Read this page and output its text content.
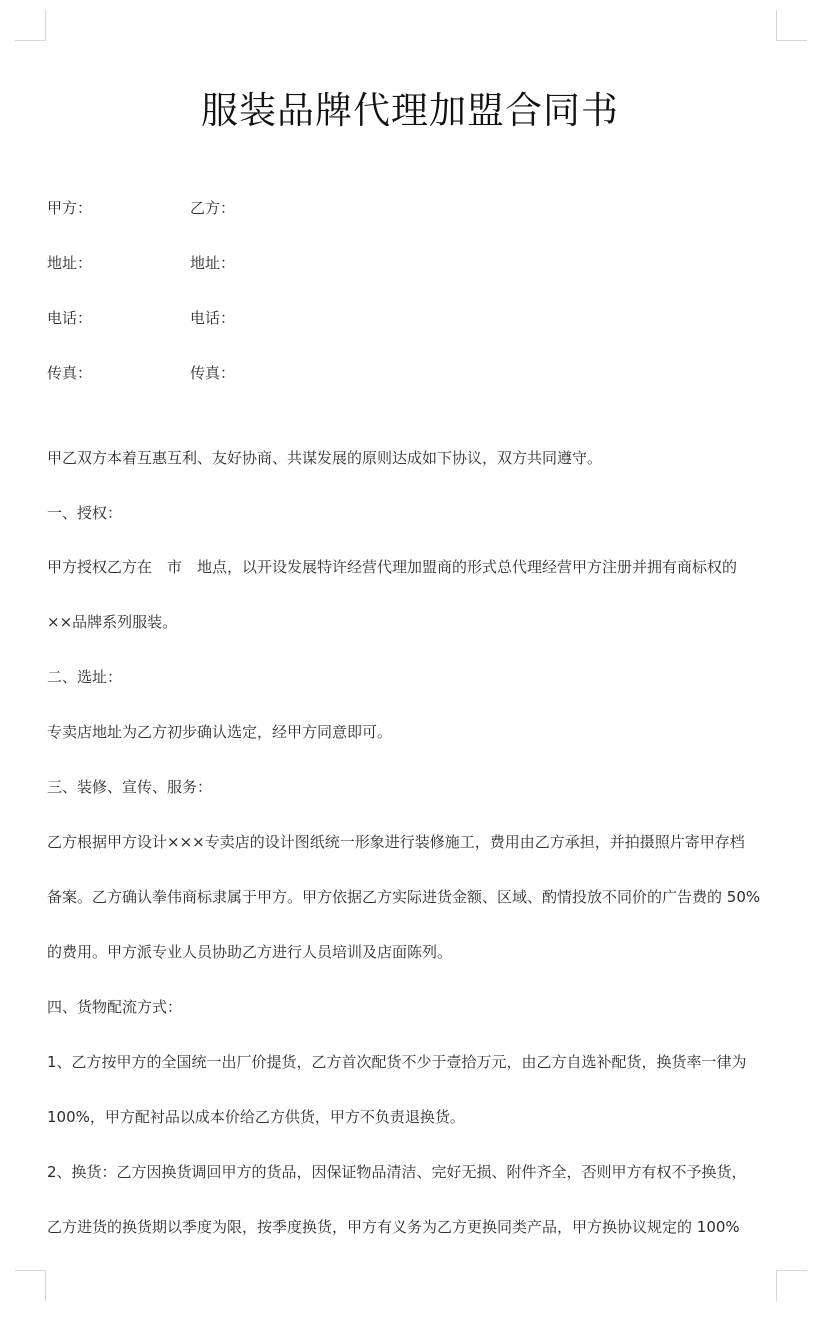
服装品牌代理加盟合同书
甲方：	乙方：
地址：	地址：
电话：	电话：
传真：	传真：

甲乙双方本着互惠互利、友好协商、共谋发展的原则达成如下协议，双方共同遵守。

一、授权：

甲方授权乙方在　市　地点，以开设发展特许经营代理加盟商的形式总代理经营甲方注册并拥有商标权的

××品牌系列服装。

二、选址：

专卖店地址为乙方初步确认选定，经甲方同意即可。

三、装修、宣传、服务：

乙方根据甲方设计×××专卖店的设计图纸统一形象进行装修施工，费用由乙方承担，并拍摄照片寄甲存档

备案。乙方确认拳伟商标隶属于甲方。甲方依据乙方实际进货金额、区域、酌情投放不同价的广告费的 50%

的费用。甲方派专业人员协助乙方进行人员培训及店面陈列。

四、货物配流方式：

1、乙方按甲方的全国统一出厂价提货，乙方首次配货不少于壹拾万元，由乙方自选补配货，换货率一律为

100%，甲方配衬品以成本价给乙方供货，甲方不负责退换货。

2、换货：乙方因换货调回甲方的货品，因保证物品清洁、完好无损、附件齐全，否则甲方有权不予换货，

乙方进货的换货期以季度为限，按季度换货，甲方有义务为乙方更换同类产品，甲方换协议规定的 100%
